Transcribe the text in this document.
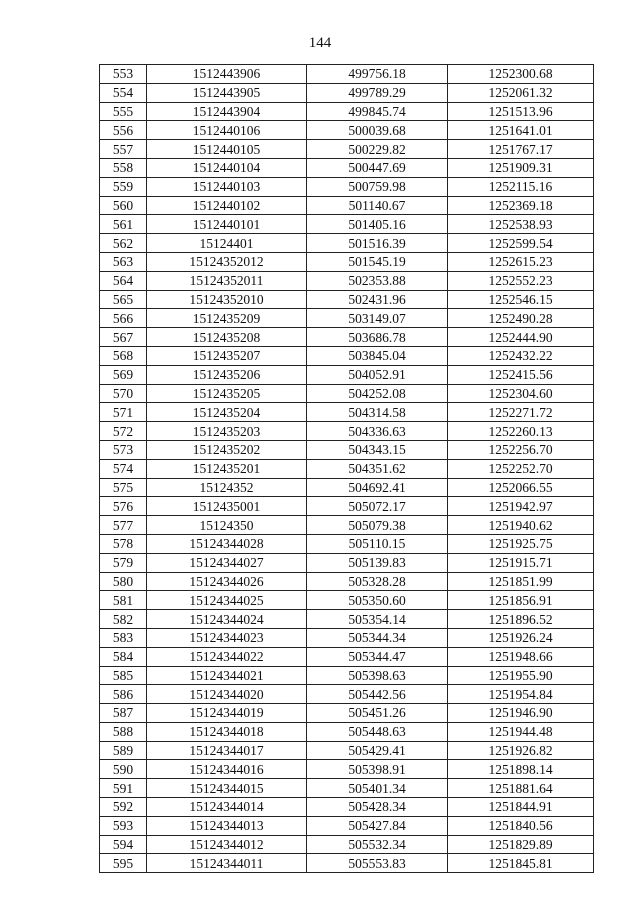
144
553	1512443906	499756.18	1252300.68
554	1512443905	499789.29	1252061.32
555	1512443904	499845.74	1251513.96
556	1512440106	500039.68	1251641.01
557	1512440105	500229.82	1251767.17
558	1512440104	500447.69	1251909.31
559	1512440103	500759.98	1252115.16
560	1512440102	501140.67	1252369.18
561	1512440101	501405.16	1252538.93
562	15124401	501516.39	1252599.54
563	15124352012	501545.19	1252615.23
564	15124352011	502353.88	1252552.23
565	15124352010	502431.96	1252546.15
566	1512435209	503149.07	1252490.28
567	1512435208	503686.78	1252444.90
568	1512435207	503845.04	1252432.22
569	1512435206	504052.91	1252415.56
570	1512435205	504252.08	1252304.60
571	1512435204	504314.58	1252271.72
572	1512435203	504336.63	1252260.13
573	1512435202	504343.15	1252256.70
574	1512435201	504351.62	1252252.70
575	15124352	504692.41	1252066.55
576	1512435001	505072.17	1251942.97
577	15124350	505079.38	1251940.62
578	15124344028	505110.15	1251925.75
579	15124344027	505139.83	1251915.71
580	15124344026	505328.28	1251851.99
581	15124344025	505350.60	1251856.91
582	15124344024	505354.14	1251896.52
583	15124344023	505344.34	1251926.24
584	15124344022	505344.47	1251948.66
585	15124344021	505398.63	1251955.90
586	15124344020	505442.56	1251954.84
587	15124344019	505451.26	1251946.90
588	15124344018	505448.63	1251944.48
589	15124344017	505429.41	1251926.82
590	15124344016	505398.91	1251898.14
591	15124344015	505401.34	1251881.64
592	15124344014	505428.34	1251844.91
593	15124344013	505427.84	1251840.56
594	15124344012	505532.34	1251829.89
595	15124344011	505553.83	1251845.81
